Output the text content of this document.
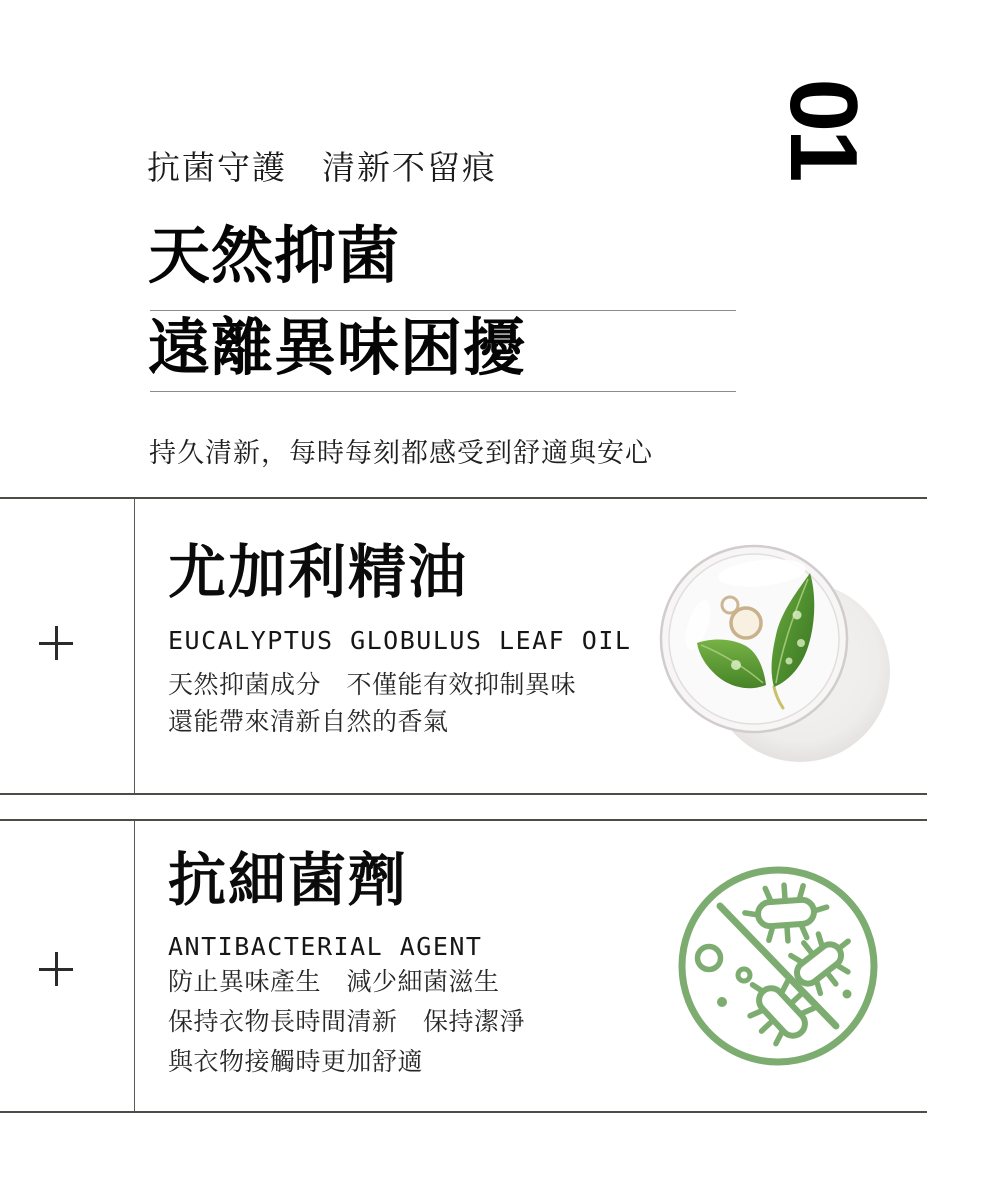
01
抗菌守護　清新不留痕
天然抑菌
遠離異味困擾
持久清新，每時每刻都感受到舒適與安心
尤加利精油
EUCALYPTUS GLOBULUS LEAF OIL
天然抑菌成分　不僅能有效抑制異味
還能帶來清新自然的香氣
抗細菌劑
ANTIBACTERIAL AGENT
防止異味產生　減少細菌滋生
保持衣物長時間清新　保持潔淨
與衣物接觸時更加舒適
